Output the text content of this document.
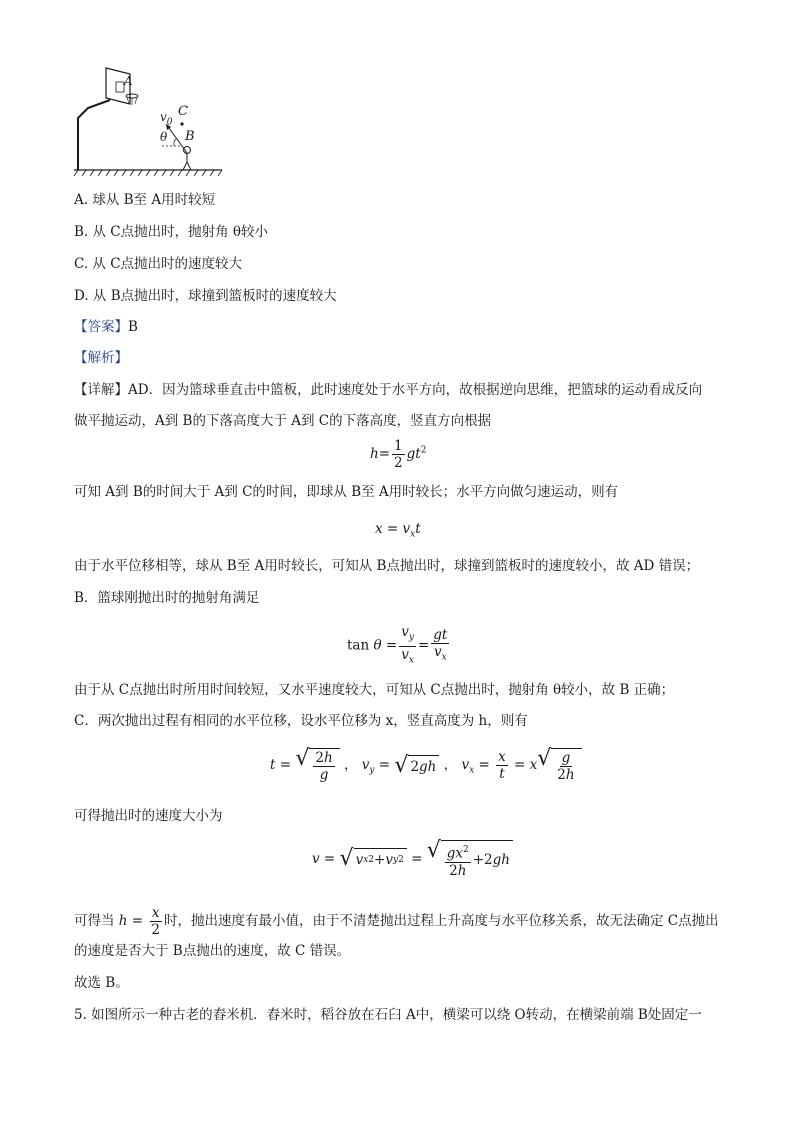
A
C
B
$v_0$
θ
A. 球从 B至 A用时较短
B. 从 C点抛出时，抛射角 θ较小
C. 从 C点抛出时的速度较大
D. 从 B点抛出时，球撞到篮板时的速度较大
【答案】B
【解析】
【详解】AD．因为篮球垂直击中篮板，此时速度处于水平方向，故根据逆向思维，把篮球的运动看成反向
做平抛运动，A到 B的下落高度大于 A到 C的下落高度，竖直方向根据
$h= \frac{1}{2} gt^2$
可知 A到 B的时间大于 A到 C的时间，即球从 B至 A用时较长；水平方向做匀速运动，则有
$x = v_xt$
由于水平位移相等，球从 B至 A用时较长，可知从 B点抛出时，球撞到篮板时的速度较小，故 AD 错误；
B．篮球刚抛出时的抛射角满足
$\tan \theta = \frac{v_y}{v_x} = \frac{gt}{v_x}$
由于从 C点抛出时所用时间较短，又水平速度较大，可知从 C点抛出时，抛射角 θ较小，故 B 正确；
C．两次抛出过程有相同的水平位移，设水平位移为 x，竖直高度为 h，则有
t = √ $\frac{2h}{g}$ ， $v_y$ = √ 2 gh ， $v_x = \frac{x}{t} = x$ √ $\frac{g}{2h}$
可得抛出时的速度大小为
v = √ v x 2 + v y 2 = √ $\frac{gx^2}{2h} +2$ gh
可得当 $h = \frac{x}{2}$ 时，抛出速度有最小值，由于不清楚抛出过程上升高度与水平位移关系，故无法确定 C点抛出
的速度是否大于 B点抛出的速度，故 C 错误。
故选 B。
5. 如图所示一种古老的舂米机．舂米时，稻谷放在石臼 A中，横梁可以绕 O转动，在横梁前端 B处固定一
